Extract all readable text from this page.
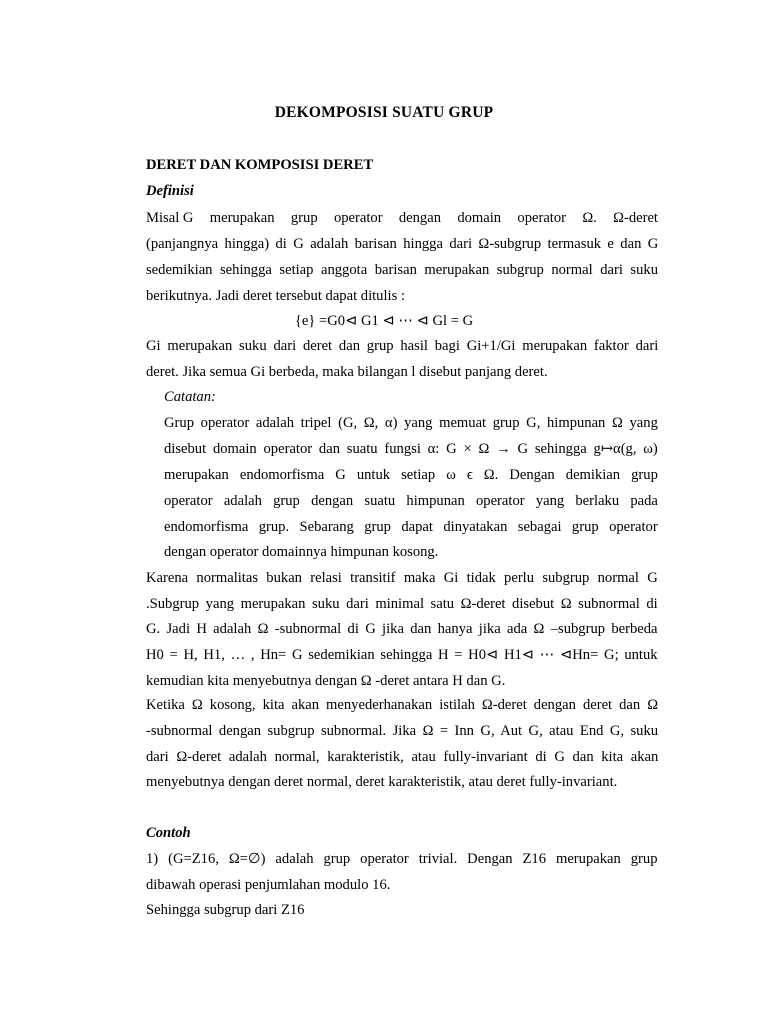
DEKOMPOSISI SUATU GRUP
DERET DAN KOMPOSISI DERET
Definisi
Misal G merupakan grup operator dengan domain operator Ω. Ω-deret
(panjangnya hingga) di G adalah barisan hingga dari Ω-subgrup termasuk e dan G
sedemikian sehingga setiap anggota barisan merupakan subgrup normal dari suku
berikutnya. Jadi deret tersebut dapat ditulis :
{e} =G0⊲ G1 ⊲ ⋯ ⊲ Gl = G
Gi merupakan suku dari deret dan grup hasil bagi Gi+1/Gi merupakan faktor dari
deret. Jika semua Gi berbeda, maka bilangan l disebut panjang deret.
Catatan:
Grup operator adalah tripel (G, Ω, α) yang memuat grup G, himpunan Ω yang
disebut domain operator dan suatu fungsi α: G × Ω → G sehingga g↦α(g, ω)
merupakan endomorfisma G untuk setiap ω ϵ Ω. Dengan demikian grup
operator adalah grup dengan suatu himpunan operator yang berlaku pada
endomorfisma grup. Sebarang grup dapat dinyatakan sebagai grup operator
dengan operator domainnya himpunan kosong.
Karena normalitas bukan relasi transitif maka Gi tidak perlu subgrup normal G
.Subgrup yang merupakan suku dari minimal satu Ω-deret disebut Ω subnormal di
G. Jadi H adalah Ω -subnormal di G jika dan hanya jika ada Ω –subgrup berbeda
H0 = H, H1, … , Hn= G sedemikian sehingga H = H0⊲ H1⊲ ⋯ ⊲Hn= G; untuk
kemudian kita menyebutnya dengan Ω -deret antara H dan G.
Ketika Ω kosong, kita akan menyederhanakan istilah Ω-deret dengan deret dan Ω
-subnormal dengan subgrup subnormal. Jika Ω = Inn G, Aut G, atau End G, suku
dari Ω-deret adalah normal, karakteristik, atau fully-invariant di G dan kita akan
menyebutnya dengan deret normal, deret karakteristik, atau deret fully-invariant.
Contoh
1) (G=Z16, Ω=∅) adalah grup operator trivial. Dengan Z16 merupakan grup
dibawah operasi penjumlahan modulo 16.
Sehingga subgrup dari Z16
